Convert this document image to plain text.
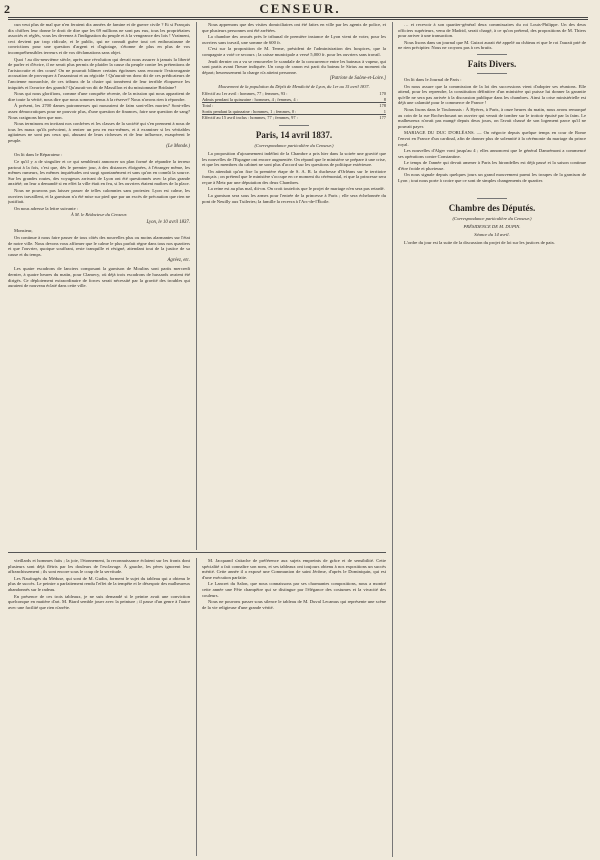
2	CENSEUR.

cun veut plus de mal que n'en feraient dix années de famine et de guerre civile ? Et si Français dix chiffres leur donne le droit de dire que les 69 millions ne sont pas eux, tous les propriétaires associés et réglés, vous les devenez à l'indignation du peuple et à la vengeance des lois ! Vraiment, ceci devient par trop ridicule, et le public, qui ne connaît guère tout cet enthousiasme de convictions pour une question d'argent et d'agiotage, s'étonne de plus en plus de vos incompréhensibles terreurs et de vos déclamations sans objet.

Quoi ! au dix-neuvième siècle, après une révolution qui devait nous assurer à jamais la liberté de parler et d'écrire, il ne serait plus permis de plaider la cause du peuple contre les prétentions de l'aristocratie et des cours! On ne pourrait blâmer certains égoïsmes sans encourir l'extravagante accusation de provoquer à l'assassinat et au régicide ! Qu'aurait-on donc dit de ces prédicateurs de l'ancienne monarchie, de ces tribuns de la chaire qui tonnèrent de leur terrible éloquence les iniquités et l'avarice des grands? Qu'aurait-on dit de Massillon et du missionnaire Bridaine?

Nous qui nous glorifions, comme d'une conquête récente, de la mission qui nous appartient de dire toute la vérité, nous dire que nous sommes tenus à la réserve? Nous n'avons rien à répondre.

À présent, les 2700 dames patronnesses qui mouraient de faim sont-elles mortes? Sont-elles assez démocratiques pour ne pouvoir plus, d'une question de finances, faire une question de sang? Nous craignons bien que non.

Nous terminons en invitant nos confrères et les classes de la société qui s'en prennent à nous de tous les maux qu'ils prévoient, à rentrer un peu en eux-mêmes, et à examiner si les véritables agitateurs ne sont pas ceux qui, abusant de leurs richesses et de leur influence, exaspèrent le peuple.

(Le Monde.)

On lit dans le Réparateur :

Ce qu'il y a de singulier et ce qui semblerait annoncer un plan formé de répandre la terreur partout à la fois, c'est que, dès le premier jour, à des distances éloignées, à l'étranger même, les mêmes rumeurs, les mêmes inquiétudes ont surgi spontanément et sans qu'on en connût la source. Sur les grandes routes, des voyageurs arrivant de Lyon ont été questionnés avec la plus grande anxiété; on leur a demandé si en effet la ville était en feu, si les ouvriers étaient maîtres de la place.

Nous ne pouvons pas laisser passer de telles calomnies sans protester. Lyon est calme, les ouvriers travaillent, et la garnison n'a été mise sur pied que par un excès de précaution que rien ne justifiait.

On nous adresse la lettre suivante :

À M. le Rédacteur du Censeur.
Lyon, le 10 avril 1837.

Monsieur,

On continue à nous faire passer de tous côtés des nouvelles plus ou moins alarmantes sur l'état de notre ville. Nous devons vous affirmer que le calme le plus parfait règne dans tous nos quartiers et que l'ouvrier, quoique souffrant, reste tranquille et résigné, attendant tout de la justice de sa cause et du temps.

Agréez, etc.

Les quatre escadrons de lanciers composant la garnison de Moulins sont partis mercredi dernier, à quatre heures du matin, pour Clamecy, où déjà trois escadrons de hussards avaient été dirigés. Ce déploiement extraordinaire de forces serait nécessité par la gravité des troubles qui auraient de nouveau éclaté dans cette ville.

Nous apprenons que des visites domiciliaires ont été faites en ville par les agents de police, et que plusieurs personnes ont été arrêtées.

La chambre des avoués près le tribunal de première instance de Lyon vient de voter, pour les ouvriers sans travail, une somme de 600 fr.

C'est sur la proposition de M. Terme, président de l'administration des hospices, que la compagnie a voté ce secours ; la caisse municipale a versé 5,000 fr. pour les ouvriers sans travail.

Jeudi dernier on a vu se renouveler le scandale de la concurrence entre les bateaux à vapeur, qui sont partis avant l'heure indiquée. Un coup de canon est parti du bateau le Sirius au moment du départ; heureusement la charge n'a atteint personne.

[Patriote de Saône-et-Loire.]
Mouvement de la population du Dépôt de Mendicité de Lyon, du 1er au 15 avril 1837.
Effectif au 1er avril : hommes, 77 ; femmes, 93 :	170
Admis pendant la quinzaine : hommes, 4 ; femmes, 4 :	8
Total :	178
Sortis pendant la quinzaine : hommes, 1 ; femmes, 0 :	1
Effectif au 15 avril inclus : hommes, 77 ; femmes, 97 :	177
Paris, 14 avril 1837.
(Correspondance particulière du Censeur.)

La proposition d'ajournement indéfini de la Chambre a pris hier dans la soirée une gravité que les nouvelles de l'Espagne ont encore augmentée. On répand que le ministère se prépare à une crise, et que les membres du cabinet ne sont plus d'accord sur les questions de politique extérieure.

On attendait qu'on fixe la première étape de S. A. R. la duchesse d'Orléans sur le territoire français ; on prétend que le ministère s'occupe en ce moment du cérémonial, et que la princesse sera reçue à Metz par une députation des deux Chambres.

La reine est au plus mal, dit-on. On croit toutefois que le projet de mariage n'en sera pas retardé.

La garnison sera sous les armes pour l'entrée de la princesse à Paris ; elle sera échelonnée du pont de Neuilly aux Tuileries; la famille la recevra à l'Arc-de-l'Étoile.

… et recevoir à son quartier-général deux commissaires du roi Louis-Philippe. Un des deux officiers supérieurs, venu de Madrid, serait chargé, à ce qu'on prétend, des propositions de M. Thiers pour arriver à une transaction.

Nous lisons dans un journal que M. Guizot aurait été appelé au château et que le roi l'aurait prié de ne rien précipiter. Nous ne croyons pas à ces bruits.

Faits Divers.

On lit dans le Journal de Paris :

On nous assure que la commission de la loi des successions vient d'adopter ses réunions. Elle attend, pour les reprendre, la constitution définitive d'un ministère qui puisse lui donner la garantie qu'elle ne sera pas arrivée à la discussion publique dans les chambres. Ainsi la crise ministérielle est déjà une calamité pour le commerce de France !

Nous lisons dans le Toulonnais : À Hyères, à Paris, à onze heures du matin, nous avons remarqué au coin de la rue Rochechouart un ouvrier qui venait de tomber sur le trottoir épuisé par la faim. Le malheureux n'avait pas mangé depuis deux jours, on l'avait chassé de son logement parce qu'il ne pouvait payer.

MARIAGE DU DUC D'ORLÉANS. — On négocie depuis quelque temps en cour de Rome l'envoi en France d'un cardinal, afin de donner plus de solennité à la cérémonie du mariage du prince royal.

Les nouvelles d'Alger vont jusqu'au 4 ; elles annoncent que le général Damrémont a commencé ses opérations contre Constantine.

Le temps de l'année qui devait amener à Paris les hirondelles est déjà passé et la saison continue d'être froide et pluvieuse.

On nous signale depuis quelques jours un grand mouvement parmi les troupes de la garnison de Lyon ; tout nous porte à croire que ce sont de simples changements de quartier.

Chambre des Députés.
(Correspondance particulière du Censeur.)
PRÉSIDENCE DE M. DUPIN.
Séance du 14 avril.

L'ordre du jour est la suite de la discussion du projet de loi sur les justices de paix.

vieillards et hommes faits ; la joie, l'étonnement, la reconnaissance éclatent sur les fronts dont plusieurs sont déjà flétris par les douleurs de l'esclavage. À gauche, les pères ignorent leur affranchissement ; ils sont encore sous le coup de la servitude.

Les Naufragés du Méduse, qui sont de M. Gudin, forment le sujet du tableau qui a obtenu le plus de succès. Le peintre a parfaitement rendu l'effet de la tempête et le désespoir des malheureux abandonnés sur le radeau.

En présence de ces trois tableaux, je ne suis demandé si le peintre avait une conviction quelconque en matière d'art. M. Biard semble jouer avec la peinture ; il passe d'un genre à l'autre avec une facilité que rien n'arrête.

M. Jacquand s'attache de préférence aux sujets empreints de grâce et de sensibilité. Cette spécialité a fait connaître son nom, et ses tableaux ont toujours obtenu à nos expositions un succès mérité. Cette année il a exposé une Communion de saint Jérôme, d'après le Dominiquin, qui est d'une exécution parfaite.

Le Lancret du Salon, que nous connaissons par ses charmantes compositions, nous a montré cette année une Fête champêtre qui se distingue par l'élégance des costumes et la vivacité des couleurs.

Nous ne pouvons passer sous silence le tableau de M. Duval Lecamus qui représente une scène de la vie religieuse d'une grande vérité.
